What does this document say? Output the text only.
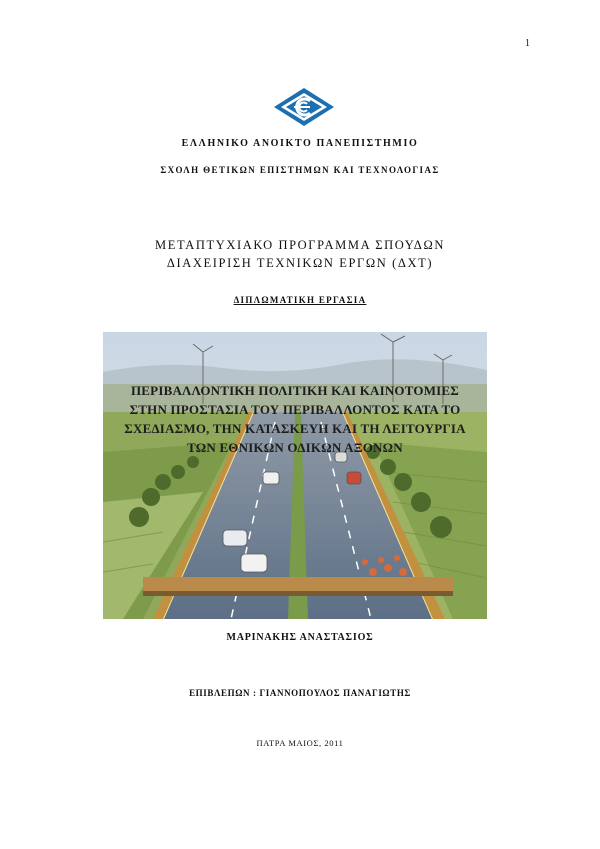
1
ΕΛΛΗΝΙΚΟ ΑΝΟΙΚΤΟ ΠΑΝΕΠΙΣΤΗΜΙΟ
ΣΧΟΛΗ ΘΕΤΙΚΩΝ ΕΠΙΣΤΗΜΩΝ ΚΑΙ ΤΕΧΝΟΛΟΓΙΑΣ
ΜΕΤΑΠΤΥΧΙΑΚΟ ΠΡΟΓΡΑΜΜΑ ΣΠΟΥΔΩΝ
ΔΙΑΧΕΙΡΙΣΗ ΤΕΧΝΙΚΩΝ ΕΡΓΩΝ (ΔΧΤ)
ΔΙΠΛΩΜΑΤΙΚΗ ΕΡΓΑΣΙΑ
ΠΕΡΙΒΑΛΛΟΝΤΙΚΗ ΠΟΛΙΤΙΚΗ ΚΑΙ ΚΑΙΝΟΤΟΜΙΕΣ
ΣΤΗΝ ΠΡΟΣΤΑΣΙΑ ΤΟΥ ΠΕΡΙΒΑΛΛΟΝΤΟΣ ΚΑΤΑ ΤΟ
ΣΧΕΔΙΑΣΜΟ, ΤΗΝ ΚΑΤΑΣΚΕΥΗ ΚΑΙ ΤΗ ΛΕΙΤΟΥΡΓΙΑ
ΤΩΝ ΕΘΝΙΚΩΝ ΟΔΙΚΩΝ ΑΞΟΝΩΝ
ΜΑΡΙΝΑΚΗΣ ΑΝΑΣΤΑΣΙΟΣ
ΕΠΙΒΛΕΠΩΝ : ΓΙΑΝΝΟΠΟΥΛΟΣ ΠΑΝΑΓΙΩΤΗΣ
ΠΑΤΡΑ ΜΑΙΟΣ, 2011
